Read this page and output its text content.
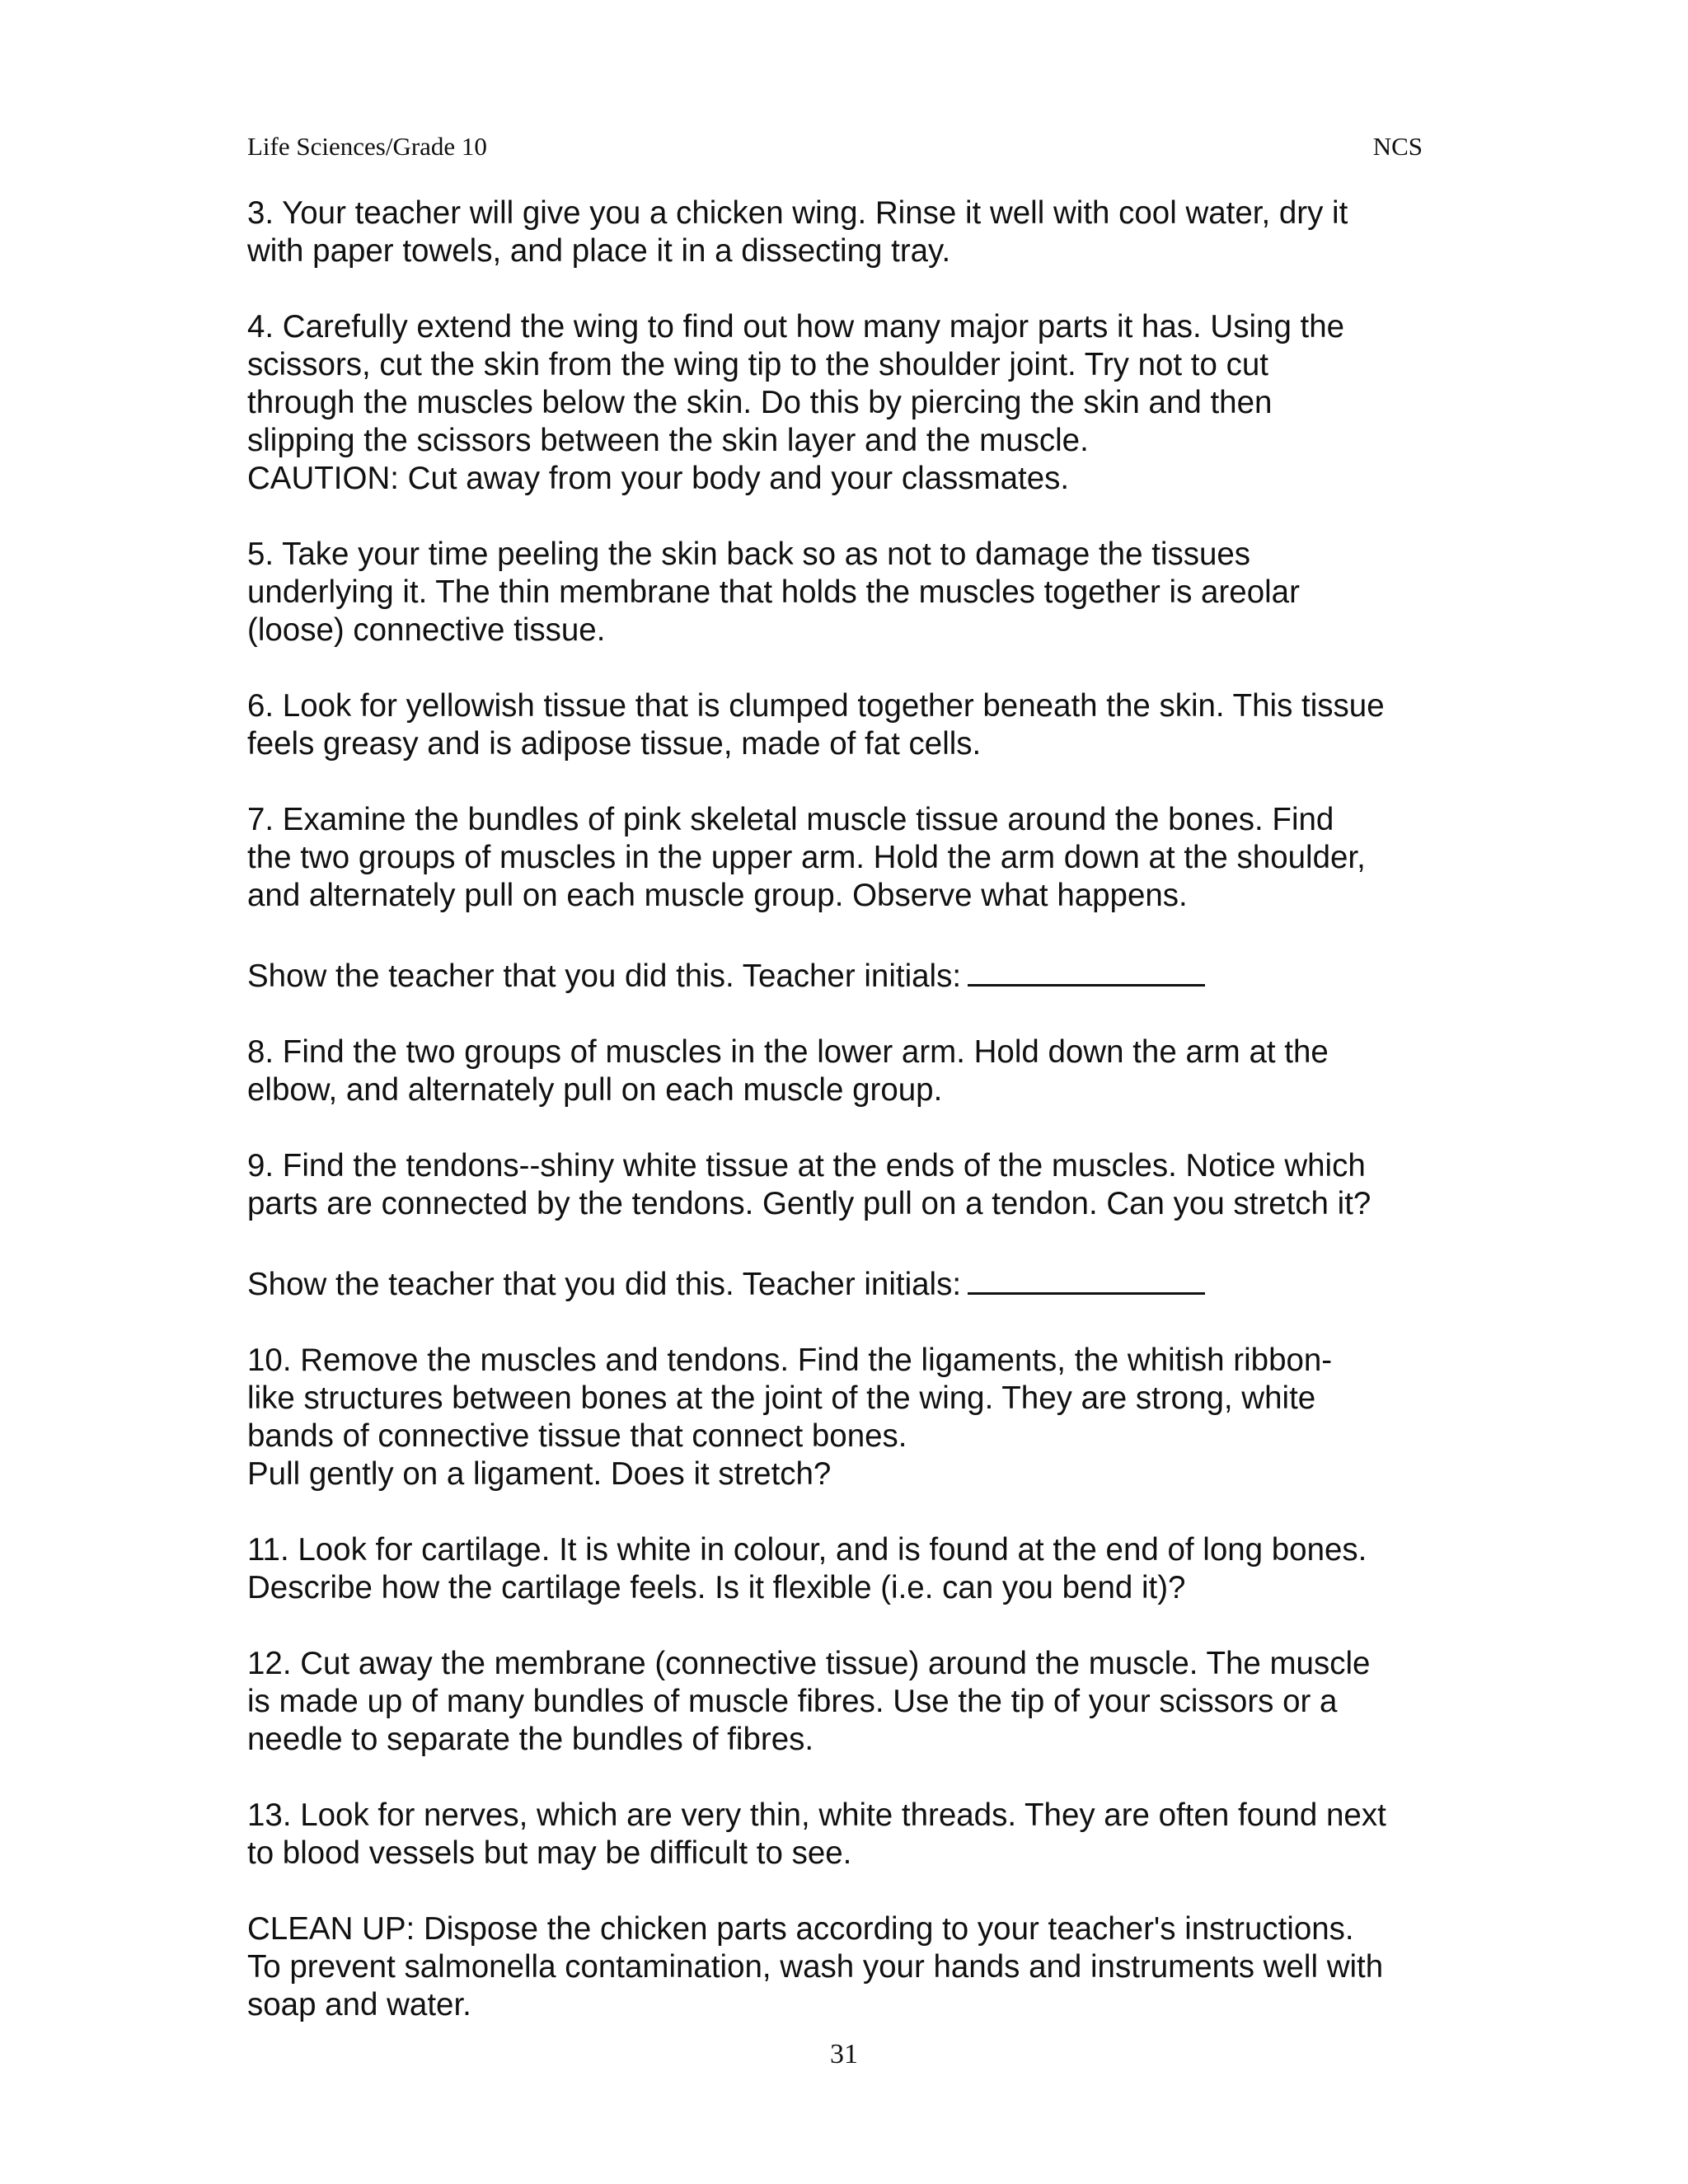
Life Sciences/Grade 10	NCS

3. Your teacher will give you a chicken wing. Rinse it well with cool water, dry it
with paper towels, and place it in a dissecting tray.

4. Carefully extend the wing to find out how many major parts it has. Using the
scissors, cut the skin from the wing tip to the shoulder joint. Try not to cut
through the muscles below the skin. Do this by piercing the skin and then
slipping the scissors between the skin layer and the muscle.
CAUTION: Cut away from your body and your classmates.

5. Take your time peeling the skin back so as not to damage the tissues
underlying it. The thin membrane that holds the muscles together is areolar
(loose) connective tissue.

6. Look for yellowish tissue that is clumped together beneath the skin. This tissue
feels greasy and is adipose tissue, made of fat cells.

7. Examine the bundles of pink skeletal muscle tissue around the bones. Find
the two groups of muscles in the upper arm. Hold the arm down at the shoulder,
and alternately pull on each muscle group. Observe what happens.

Show the teacher that you did this. Teacher initials:

8. Find the two groups of muscles in the lower arm. Hold down the arm at the
elbow, and alternately pull on each muscle group.

9. Find the tendons--shiny white tissue at the ends of the muscles. Notice which
parts are connected by the tendons. Gently pull on a tendon. Can you stretch it?

Show the teacher that you did this. Teacher initials:

10. Remove the muscles and tendons. Find the ligaments, the whitish ribbon-
like structures between bones at the joint of the wing. They are strong, white
bands of connective tissue that connect bones.
Pull gently on a ligament. Does it stretch?

11. Look for cartilage. It is white in colour, and is found at the end of long bones.
Describe how the cartilage feels. Is it flexible (i.e. can you bend it)?

12. Cut away the membrane (connective tissue) around the muscle. The muscle
is made up of many bundles of muscle fibres. Use the tip of your scissors or a
needle to separate the bundles of fibres.

13. Look for nerves, which are very thin, white threads. They are often found next
to blood vessels but may be difficult to see.

CLEAN UP: Dispose the chicken parts according to your teacher's instructions.
To prevent salmonella contamination, wash your hands and instruments well with
soap and water.

31
